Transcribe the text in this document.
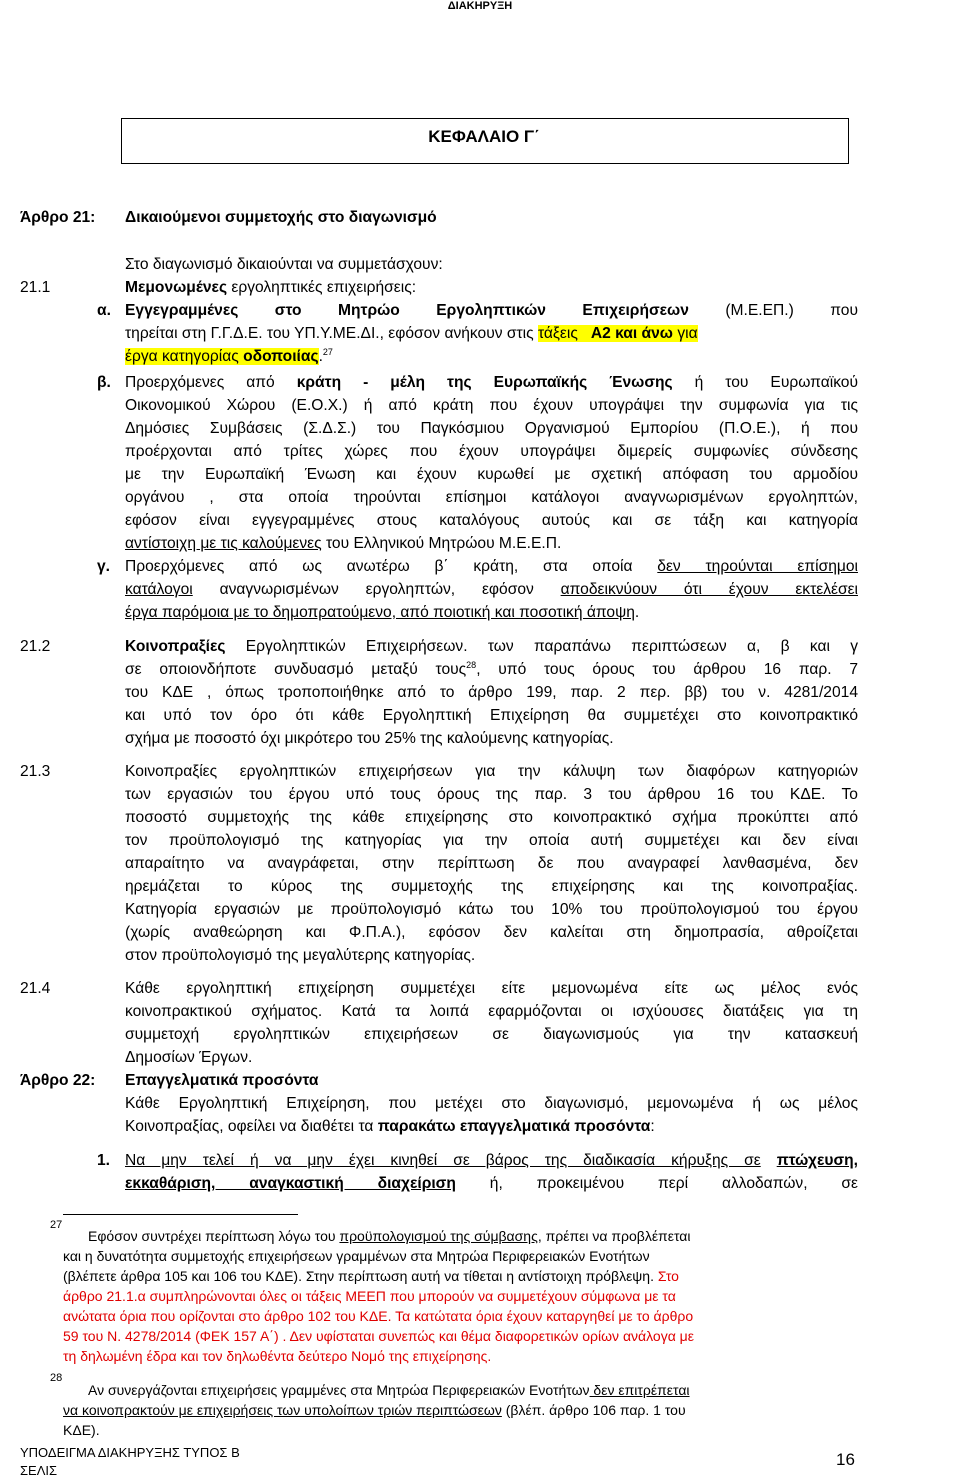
ΔΙΑΚΗΡΥΞΗ
ΚΕΦΑΛΑΙΟ Γ΄
Άρθρο 21: Δικαιούμενοι συμμετοχής στο διαγωνισμό
Στο διαγωνισμό δικαιούνται να συμμετάσχουν:
21.1	Μεμονωμένες εργοληπτικές επιχειρήσεις:
α. Εγγεγραμμένες στο Μητρώο Εργοληπτικών Επιχειρήσεων (Μ.Ε.ΕΠ.) που
τηρείται στη Γ.Γ.Δ.Ε. του ΥΠ.Υ.ΜΕ.ΔΙ., εφόσον ανήκουν στις τάξεις Α2 και άνω για
έργα κατηγορίας οδοποιίας.$^{27}$
β. Προερχόμενες από κράτη - μέλη της Ευρωπαϊκής Ένωσης ή του Ευρωπαϊκού
Οικονομικού Χώρου (Ε.Ο.Χ.) ή από κράτη που έχουν υπογράψει την συμφωνία για τις
Δημόσιες Συμβάσεις (Σ.Δ.Σ.) του Παγκόσμιου Οργανισμού Εμπορίου (Π.Ο.Ε.), ή που
προέρχονται από τρίτες χώρες που έχουν υπογράψει διμερείς συμφωνίες σύνδεσης
με την Ευρωπαϊκή Ένωση και έχουν κυρωθεί με σχετική απόφαση του αρμοδίου
οργάνου , στα οποία τηρούνται επίσημοι κατάλογοι αναγνωρισμένων εργοληπτών,
εφόσον είναι εγγεγραμμένες στους καταλόγους αυτούς και σε τάξη και κατηγορία
αντίστοιχη με τις καλούμενες του Ελληνικού Μητρώου Μ.Ε.Ε.Π.
γ. Προερχόμενες από ως ανωτέρω β΄ κράτη, στα οποία δεν τηρούνται επίσημοι
κατάλογοι αναγνωρισμένων εργοληπτών, εφόσον αποδεικνύουν ότι έχουν εκτελέσει
έργα παρόμοια με το δημοπρατούμενο, από ποιοτική και ποσοτική άποψη.
21.2	Κοινοπραξίες Εργοληπτικών Επιχειρήσεων. των παραπάνω περιπτώσεων α, β και γ
σε οποιονδήποτε συνδυασμό μεταξύ τους$^{28}$, υπό τους όρους του άρθρου 16 παρ. 7
του ΚΔΕ , όπως τροποποιήθηκε από το άρθρο 199, παρ. 2 περ. ββ) του ν. 4281/2014
και υπό τον όρο ότι κάθε Εργοληπτική Επιχείρηση θα συμμετέχει στο κοινοπρακτικό
σχήμα με ποσοστό όχι μικρότερο του 25% της καλούμενης κατηγορίας.
21.3	Κοινοπραξίες εργοληπτικών επιχειρήσεων για την κάλυψη των διαφόρων κατηγοριών
των εργασιών του έργου υπό τους όρους της παρ. 3 του άρθρου 16 του ΚΔΕ. Το
ποσοστό συμμετοχής της κάθε επιχείρησης στο κοινοπρακτικό σχήμα προκύπτει από
τον προϋπολογισμό της κατηγορίας για την οποία αυτή συμμετέχει και δεν είναι
απαραίτητο να αναγράφεται, στην περίπτωση δε που αναγραφεί λανθασμένα, δεν
ηρεμάζεται το κύρος της συμμετοχής της επιχείρησης και της κοινοπραξίας.
Κατηγορία εργασιών με προϋπολογισμό κάτω του 10% του προϋπολογισμού του έργου
(χωρίς αναθεώρηση και Φ.Π.Α.), εφόσον δεν καλείται στη δημοπρασία, αθροίζεται
στον προϋπολογισμό της μεγαλύτερης κατηγορίας.
21.4	Κάθε εργοληπτική επιχείρηση συμμετέχει είτε μεμονωμένα είτε ως μέλος ενός
κοινοπρακτικού σχήματος. Κατά τα λοιπά εφαρμόζονται οι ισχύουσες διατάξεις για τη
συμμετοχή εργοληπτικών επιχειρήσεων σε διαγωνισμούς για την κατασκευή
Δημοσίων Έργων.
Άρθρο 22: Επαγγελματικά προσόντα
Κάθε Εργοληπτική Επιχείρηση, που μετέχει στο διαγωνισμό, μεμονωμένα ή ως μέλος
Κοινοπραξίας, οφείλει να διαθέτει τα παρακάτω επαγγελματικά προσόντα:
1. Να μην τελεί ή να μην έχει κινηθεί σε βάρος της διαδικασία κήρυξης σε πτώχευση,
εκκαθάριση, αναγκαστική διαχείριση ή, προκειμένου περί αλλοδαπών, σε
27
Εφόσον συντρέχει περίπτωση λόγω του προϋπολογισμού της σύμβασης, πρέπει να προβλέπεται
και η δυνατότητα συμμετοχής επιχειρήσεων γραμμένων στα Μητρώα Περιφερειακών Ενοτήτων
(βλέπετε άρθρα 105 και 106 του ΚΔΕ). Στην περίπτωση αυτή να τίθεται η αντίστοιχη πρόβλεψη. Στο
άρθρο 21.1.α συμπληρώνονται όλες οι τάξεις ΜΕΕΠ που μπορούν να συμμετέχουν σύμφωνα με τα
ανώτατα όρια που ορίζονται στο άρθρο 102 του ΚΔΕ. Τα κατώτατα όρια έχουν καταργηθεί με το άρθρο
59 του Ν. 4278/2014 (ΦΕΚ 157 Α΄) . Δεν υφίσταται συνεπώς και θέμα διαφορετικών ορίων ανάλογα με
τη δηλωμένη έδρα και τον δηλωθέντα δεύτερο Νομό της επιχείρησης.
28
Αν συνεργάζονται επιχειρήσεις γραμμένες στα Μητρώα Περιφερειακών Ενοτήτων δεν επιτρέπεται
να κοινοπρακτούν με επιχειρήσεις των υπολοίπων τριών περιπτώσεων (βλέπ. άρθρο 106 παρ. 1 του
ΚΔΕ).
ΥΠΟΔΕΙΓΜΑ ΔΙΑΚΗΡΥΞΗΣ ΤΥΠΟΣ Β
ΣΕΛΙΣ
16
